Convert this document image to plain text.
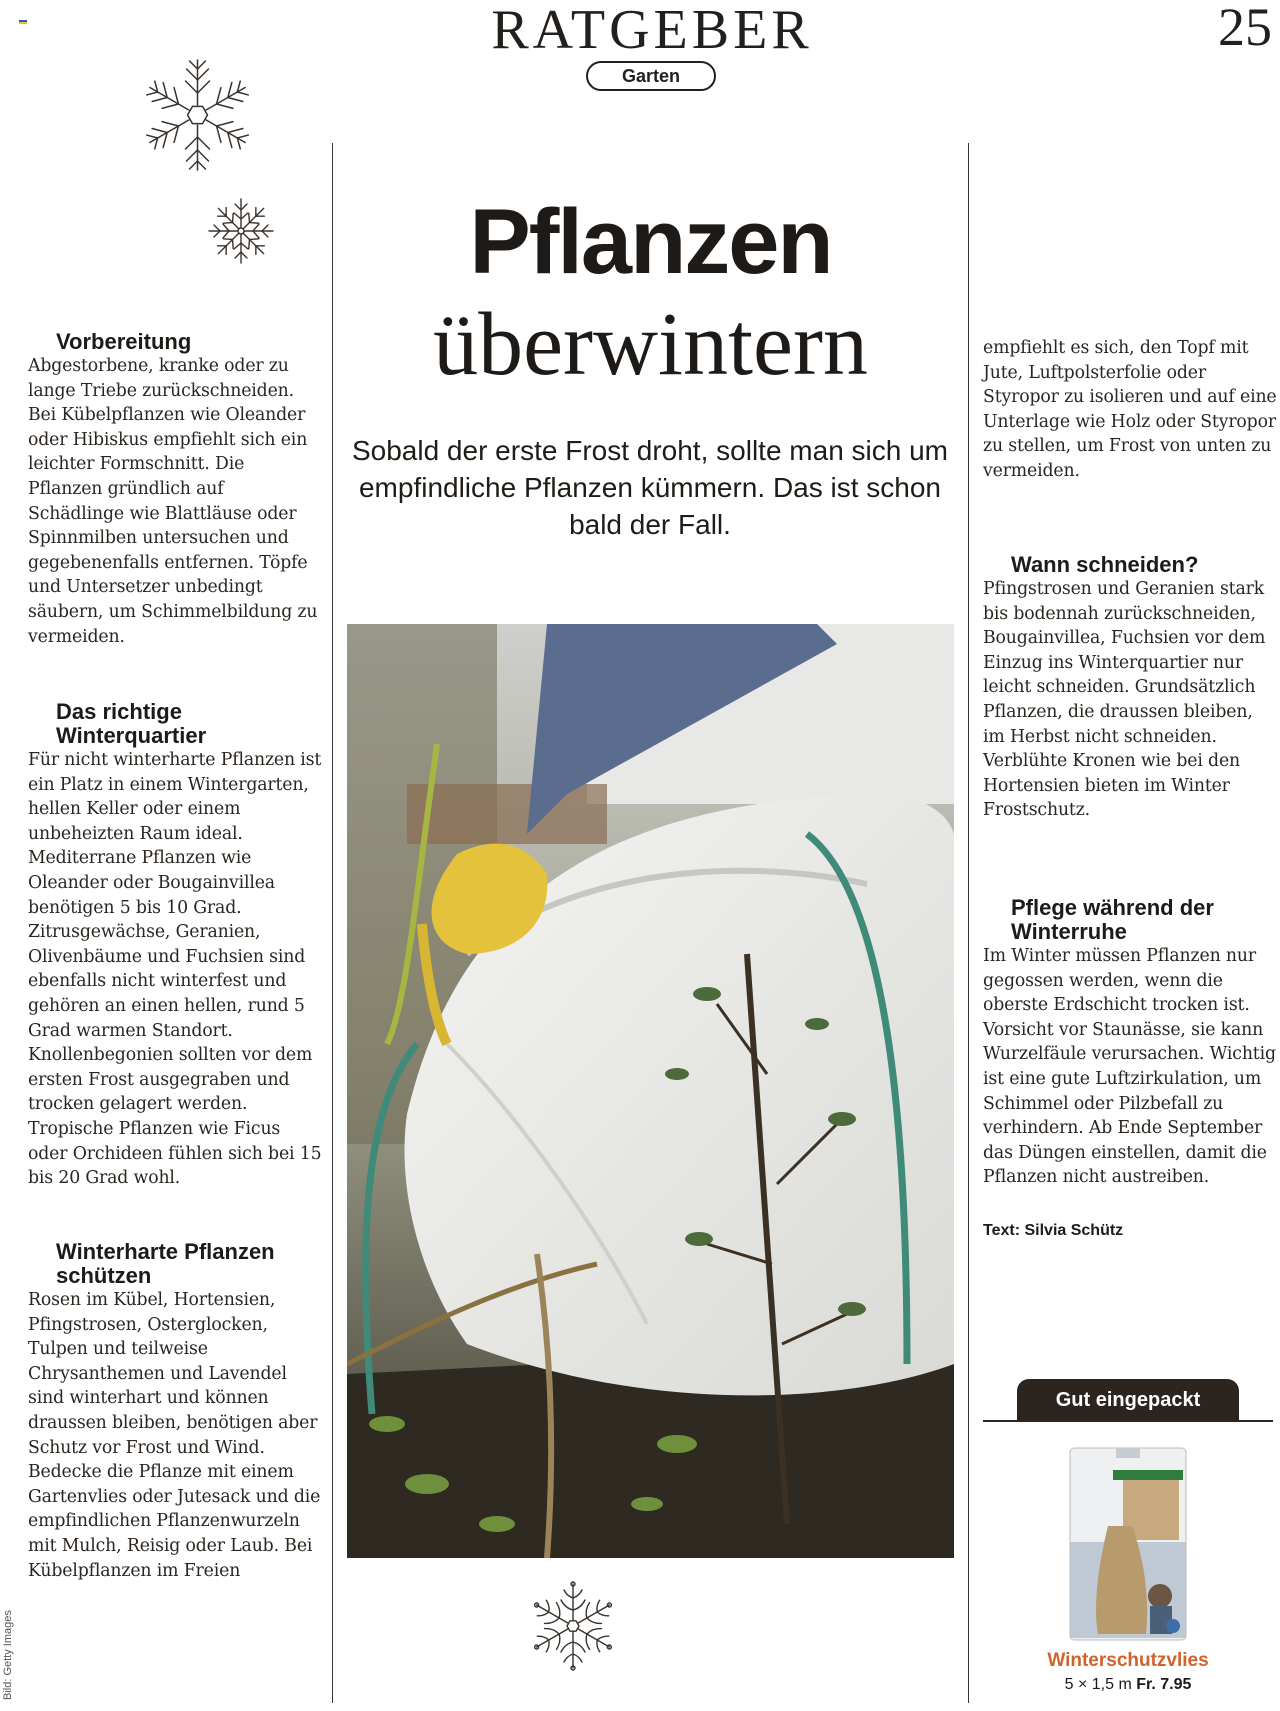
RATGEBER
Garten
25
Pflanzen
überwintern
Sobald der erste Frost droht, sollte man sich um empfindliche Pflanzen kümmern. Das ist schon bald der Fall.
Vorbereitung
Abgestorbene, kranke oder zu lange Triebe zurückschneiden. Bei Kübelpflanzen wie Oleander oder Hibiskus empfiehlt sich ein leichter Formschnitt. Die Pflanzen gründlich auf Schädlinge wie Blattläuse oder Spinnmilben untersuchen und gegebenenfalls entfernen. Töpfe und Untersetzer unbedingt säubern, um Schimmelbildung zu vermeiden.
Das richtige Winterquartier
Für nicht winterharte Pflanzen ist ein Platz in einem Wintergarten, hellen Keller oder einem unbeheizten Raum ideal. Mediterrane Pflanzen wie Oleander oder Bougainvillea benötigen 5 bis 10 Grad. Zitrusgewächse, Geranien, Olivenbäume und Fuchsien sind ebenfalls nicht winterfest und gehören an einen hellen, rund 5 Grad warmen Standort. Knollenbegonien sollten vor dem ersten Frost ausgegraben und trocken gelagert werden. Tropische Pflanzen wie Ficus oder Orchideen fühlen sich bei 15 bis 20 Grad wohl.
Winterharte Pflanzen schützen
Rosen im Kübel, Hortensien, Pfingstrosen, Osterglocken, Tulpen und teilweise Chrysanthemen und Lavendel sind winterhart und können draussen bleiben, benötigen aber Schutz vor Frost und Wind. Bedecke die Pflanze mit einem Gartenvlies oder Jutesack und die empfindlichen Pflanzenwurzeln mit Mulch, Reisig oder Laub. Bei Kübelpflanzen im Freien
empfiehlt es sich, den Topf mit Jute, Luftpolsterfolie oder Styropor zu isolieren und auf eine Unterlage wie Holz oder Styropor zu stellen, um Frost von unten zu vermeiden.
Wann schneiden?
Pfingstrosen und Geranien stark bis bodennah zurückschneiden, Bougainvillea, Fuchsien vor dem Einzug ins Winterquartier nur leicht schneiden. Grundsätzlich Pflanzen, die draussen bleiben, im Herbst nicht schneiden. Verblühte Kronen wie bei den Hortensien bieten im Winter Frostschutz.
Pflege während der Winterruhe
Im Winter müssen Pflanzen nur gegossen werden, wenn die oberste Erdschicht trocken ist. Vorsicht vor Staunässe, sie kann Wurzelfäule verursachen. Wichtig ist eine gute Luftzirkulation, um Schimmel oder Pilzbefall zu verhindern. Ab Ende September das Düngen einstellen, damit die Pflanzen nicht austreiben.
Text: Silvia Schütz
Gut eingepackt
Winterschutzvlies
5 × 1,5 m Fr. 7.95
Bild: Getty Images
